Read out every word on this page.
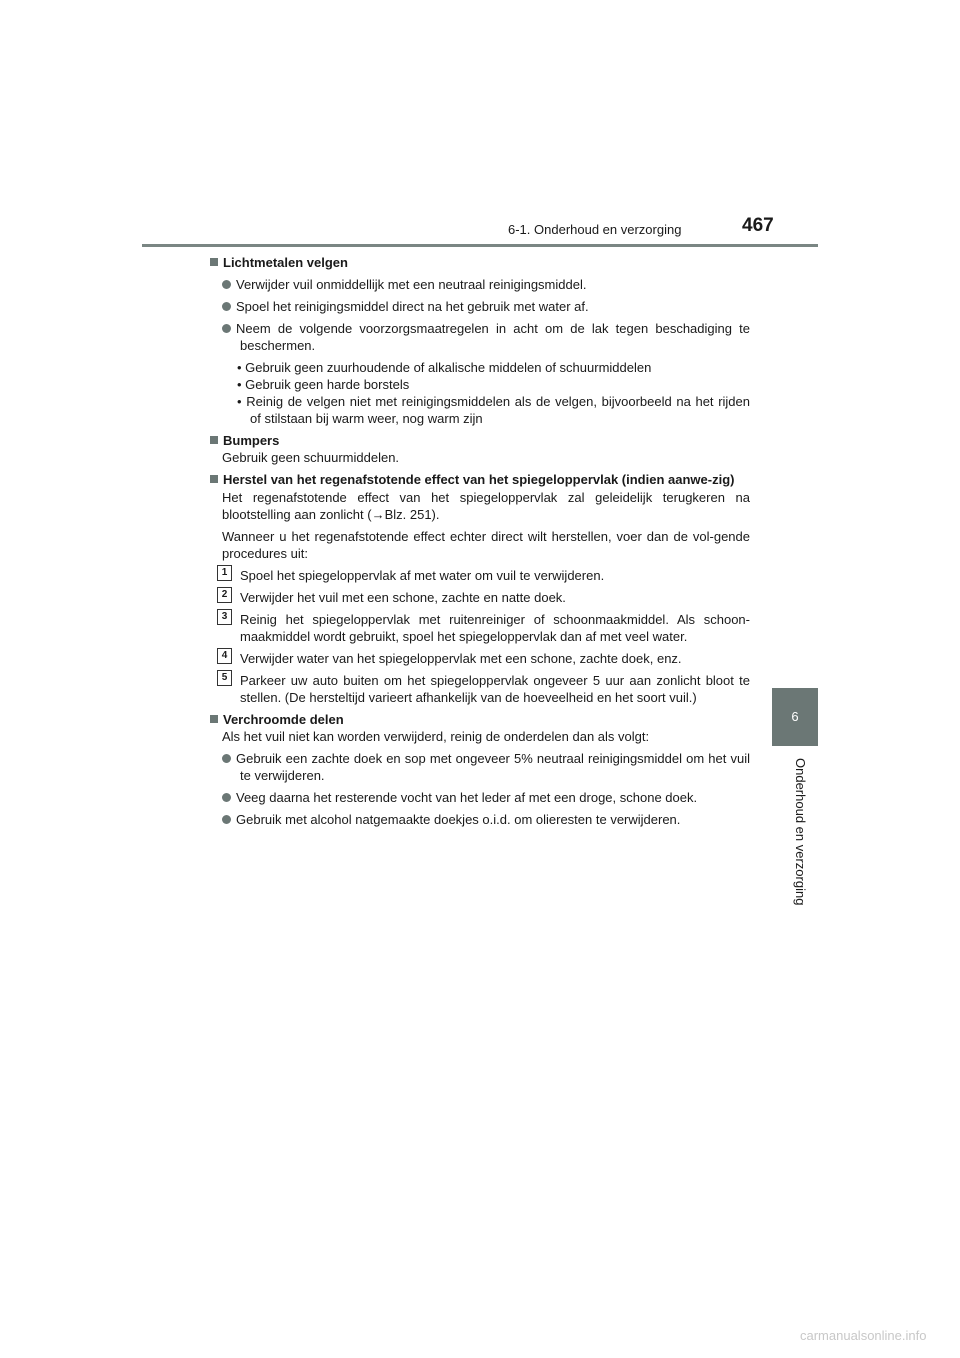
6-1. Onderhoud en verzorging	467
6
Onderhoud en verzorging

Lichtmetalen velgen

Verwijder vuil onmiddellijk met een neutraal reinigingsmiddel.

Spoel het reinigingsmiddel direct na het gebruik met water af.

Neem de volgende voorzorgsmaatregelen in acht om de lak tegen beschadiging te beschermen.

• Gebruik geen zuurhoudende of alkalische middelen of schuurmiddelen

• Gebruik geen harde borstels

• Reinig de velgen niet met reinigingsmiddelen als de velgen, bijvoorbeeld na het rijden of stilstaan bij warm weer, nog warm zijn

Bumpers

Gebruik geen schuurmiddelen.

Herstel van het regenafstotende effect van het spiegeloppervlak (indien aanwe-zig)

Het regenafstotende effect van het spiegeloppervlak zal geleidelijk terugkeren na blootstelling aan zonlicht (→Blz. 251).

Wanneer u het regenafstotende effect echter direct wilt herstellen, voer dan de vol-gende procedures uit:

1 Spoel het spiegeloppervlak af met water om vuil te verwijderen.

2 Verwijder het vuil met een schone, zachte en natte doek.

3 Reinig het spiegeloppervlak met ruitenreiniger of schoonmaakmiddel. Als schoon-maakmiddel wordt gebruikt, spoel het spiegeloppervlak dan af met veel water.

4 Verwijder water van het spiegeloppervlak met een schone, zachte doek, enz.

5 Parkeer uw auto buiten om het spiegeloppervlak ongeveer 5 uur aan zonlicht bloot te stellen. (De hersteltijd varieert afhankelijk van de hoeveelheid en het soort vuil.)

Verchroomde delen

Als het vuil niet kan worden verwijderd, reinig de onderdelen dan als volgt:

Gebruik een zachte doek en sop met ongeveer 5% neutraal reinigingsmiddel om het vuil te verwijderen.

Veeg daarna het resterende vocht van het leder af met een droge, schone doek.

Gebruik met alcohol natgemaakte doekjes o.i.d. om olieresten te verwijderen.

carmanualsonline.info
